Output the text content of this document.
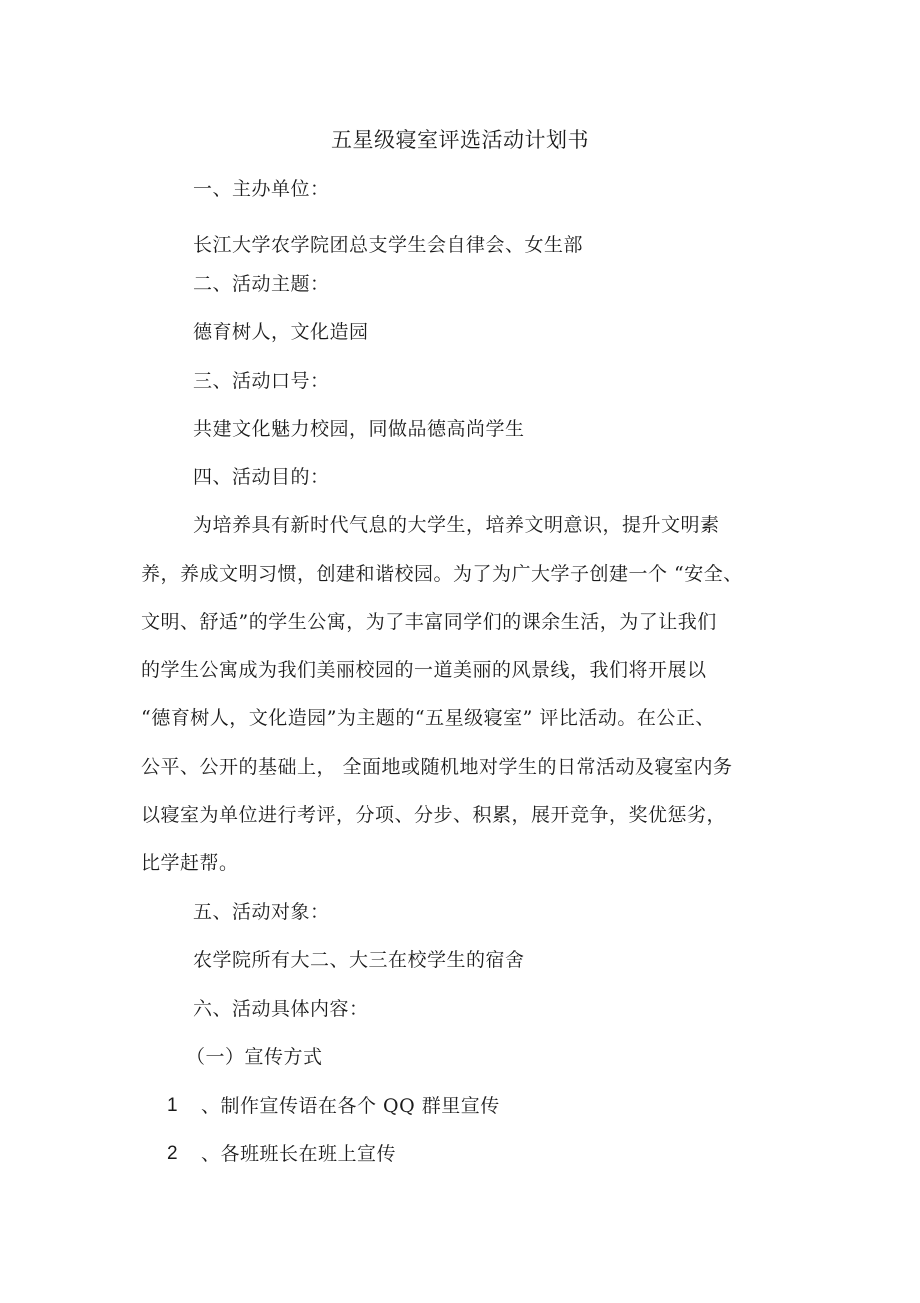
五星级寝室评选活动计划书
一、主办单位：
长江大学农学院团总支学生会自律会、女生部
二、活动主题：
德育树人，文化造园
三、活动口号：
共建文化魅力校园，同做品德高尚学生
四、活动目的：
为培养具有新时代气息的大学生，培养文明意识，提升文明素
养，养成文明习惯，创建和谐校园。为了为广大学子创建一个 “安全、
文明、舒适”的学生公寓，为了丰富同学们的课余生活，为了让我们
的学生公寓成为我们美丽校园的一道美丽的风景线，我们将开展以
“德育树人，文化造园”为主题的“五星级寝室” 评比活动。在公正、
公平、公开的基础上， 全面地或随机地对学生的日常活动及寝室内务
以寝室为单位进行考评，分项、分步、积累，展开竞争，奖优惩劣，
比学赶帮。
五、活动对象：
农学院所有大二、大三在校学生的宿舍
六、活动具体内容：
（一）宣传方式
1 、制作宣传语在各个 QQ 群里宣传
2 、各班班长在班上宣传
